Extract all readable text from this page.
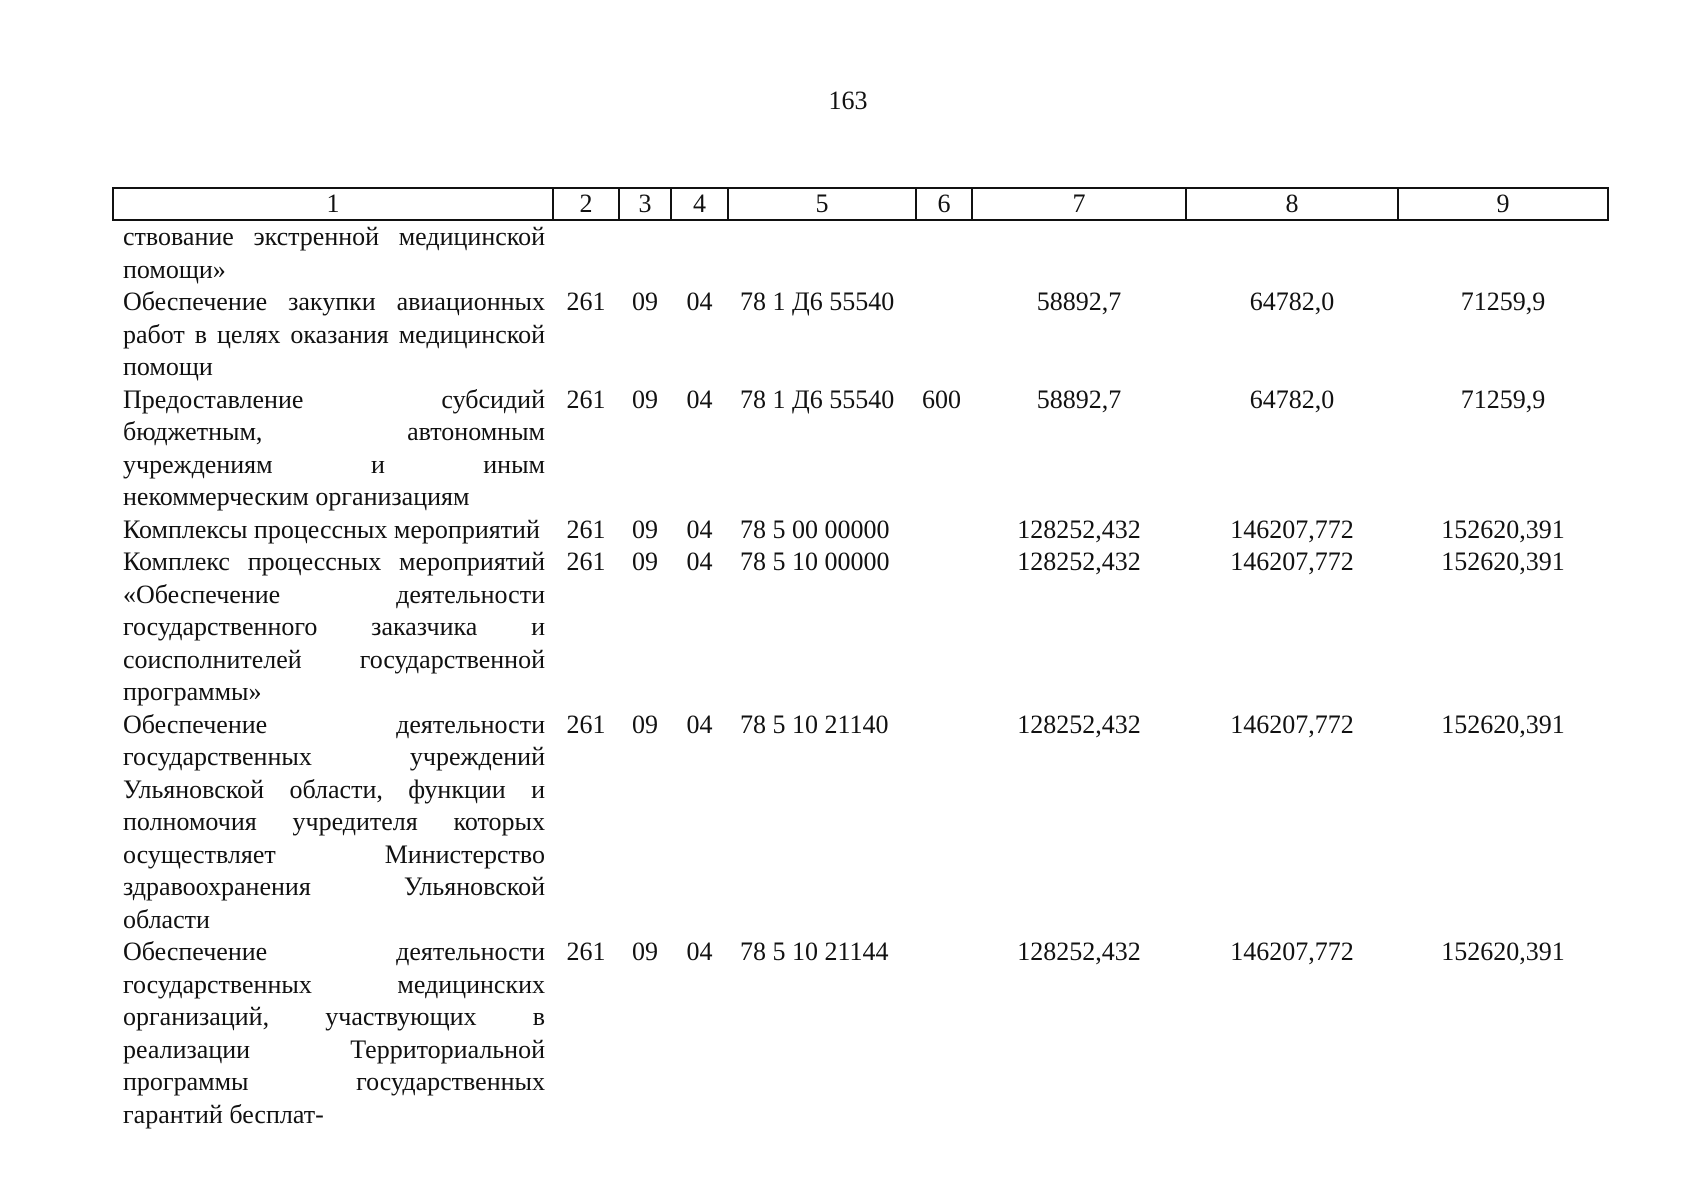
163
1	2	3	4	5	6	7	8	9
ствование экстренной медицинской помощи»								
Обеспечение закупки авиационных работ в целях оказания медицинской помощи	261	09	04	78 1 Д6 55540		58892,7	64782,0	71259,9
Предоставление субсидий бюджетным, автономным учреждениям и иным некоммерческим организациям	261	09	04	78 1 Д6 55540	600	58892,7	64782,0	71259,9
Комплексы процессных мероприятий	261	09	04	78 5 00 00000		128252,432	146207,772	152620,391
Комплекс процессных мероприятий «Обеспечение деятельности государственного заказчика и соисполнителей государственной программы»	261	09	04	78 5 10 00000		128252,432	146207,772	152620,391
Обеспечение деятельности государственных учреждений Ульяновской области, функции и полномочия учредителя которых осуществляет Министерство здравоохранения Ульяновской области	261	09	04	78 5 10 21140		128252,432	146207,772	152620,391
Обеспечение деятельности государственных медицинских организаций, участвующих в реализации Территориальной программы государственных гарантий бесплат-	261	09	04	78 5 10 21144		128252,432	146207,772	152620,391
